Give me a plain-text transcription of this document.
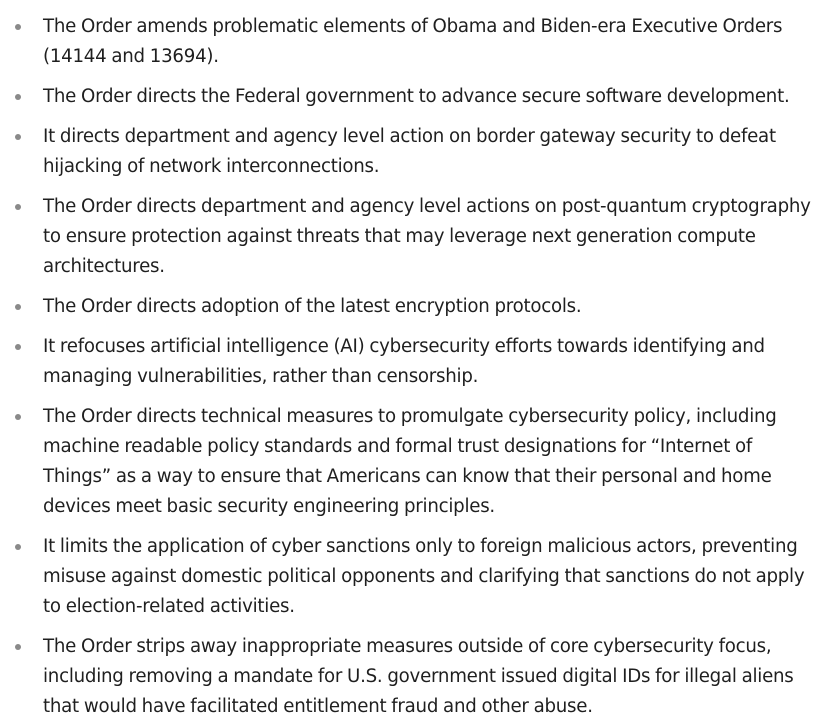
The Order amends problematic elements of Obama and Biden-era Executive Orders (14144 and 13694).
The Order directs the Federal government to advance secure software development.
It directs department and agency level action on border gateway security to defeat hijacking of network interconnections.
The Order directs department and agency level actions on post-quantum cryptography to ensure protection against threats that may leverage next generation compute architectures.
The Order directs adoption of the latest encryption protocols.
It refocuses artificial intelligence (AI) cybersecurity efforts towards identifying and managing vulnerabilities, rather than censorship.
The Order directs technical measures to promulgate cybersecurity policy, including machine readable policy standards and formal trust designations for “Internet of Things” as a way to ensure that Americans can know that their personal and home devices meet basic security engineering principles.
It limits the application of cyber sanctions only to foreign malicious actors, preventing misuse against domestic political opponents and clarifying that sanctions do not apply to election-related activities.
The Order strips away inappropriate measures outside of core cybersecurity focus, including removing a mandate for U.S. government issued digital IDs for illegal aliens that would have facilitated entitlement fraud and other abuse.
